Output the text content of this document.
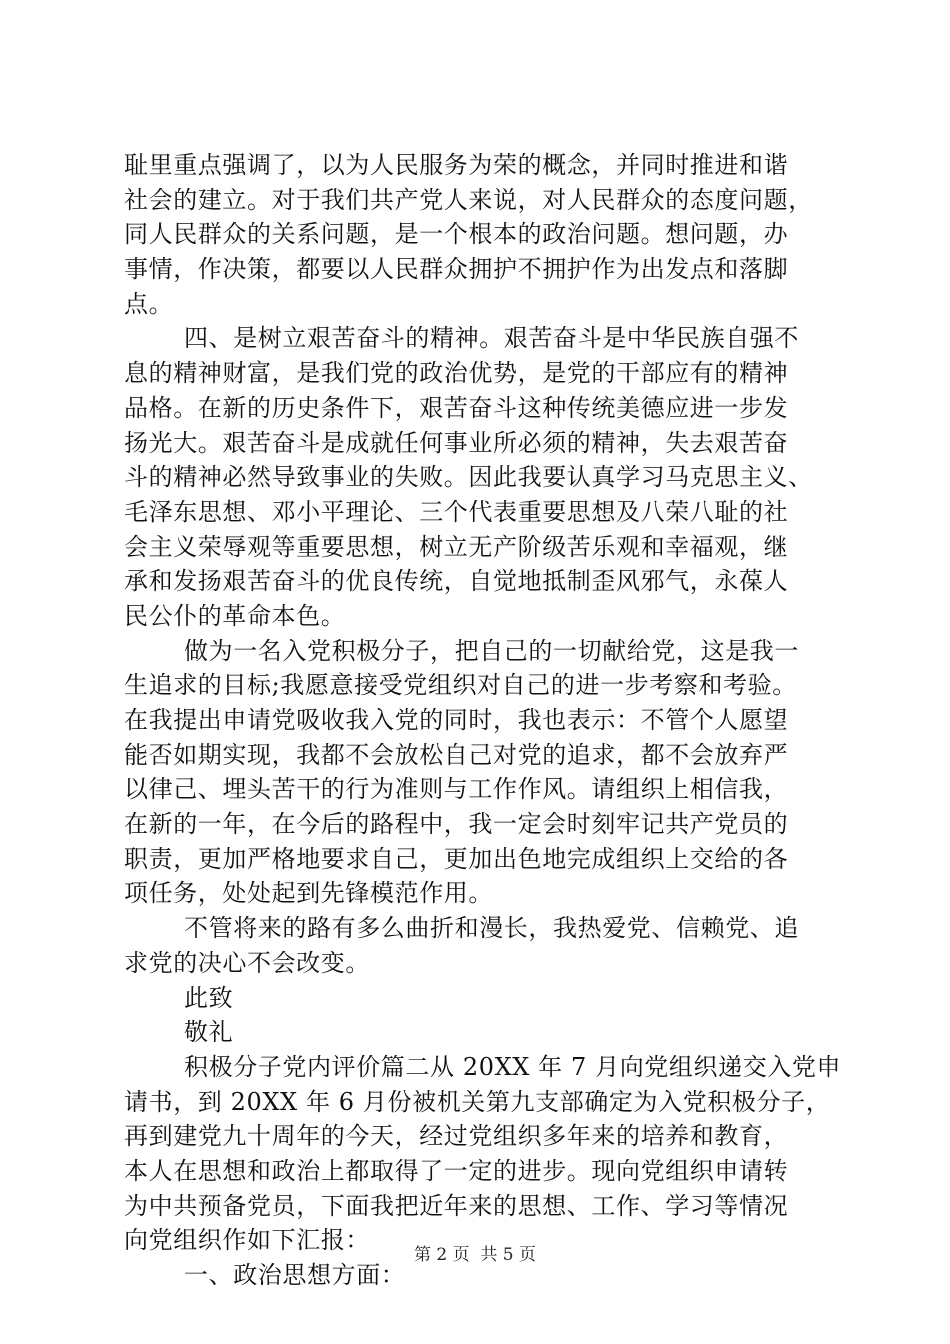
耻里重点强调了，以为人民服务为荣的概念，并同时推进和谐
社会的建立。对于我们共产党人来说，对人民群众的态度问题，
同人民群众的关系问题，是一个根本的政治问题。想问题，办
事情，作决策，都要以人民群众拥护不拥护作为出发点和落脚
点。
四、是树立艰苦奋斗的精神。艰苦奋斗是中华民族自强不
息的精神财富，是我们党的政治优势，是党的干部应有的精神
品格。在新的历史条件下，艰苦奋斗这种传统美德应进一步发
扬光大。艰苦奋斗是成就任何事业所必须的精神，失去艰苦奋
斗的精神必然导致事业的失败。因此我要认真学习马克思主义、
毛泽东思想、邓小平理论、三个代表重要思想及八荣八耻的社
会主义荣辱观等重要思想，树立无产阶级苦乐观和幸福观，继
承和发扬艰苦奋斗的优良传统，自觉地抵制歪风邪气，永葆人
民公仆的革命本色。
做为一名入党积极分子，把自己的一切献给党，这是我一
生追求的目标;我愿意接受党组织对自己的进一步考察和考验。
在我提出申请党吸收我入党的同时，我也表示：不管个人愿望
能否如期实现，我都不会放松自己对党的追求，都不会放弃严
以律己、埋头苦干的行为准则与工作作风。请组织上相信我，
在新的一年，在今后的路程中，我一定会时刻牢记共产党员的
职责，更加严格地要求自己，更加出色地完成组织上交给的各
项任务，处处起到先锋模范作用。
不管将来的路有多么曲折和漫长，我热爱党、信赖党、追
求党的决心不会改变。
此致
敬礼
积极分子党内评价篇二从 20XX 年 7 月向党组织递交入党申
请书，到 20XX 年 6 月份被机关第九支部确定为入党积极分子，
再到建党九十周年的今天，经过党组织多年来的培养和教育，
本人在思想和政治上都取得了一定的进步。现向党组织申请转
为中共预备党员，下面我把近年来的思想、工作、学习等情况
向党组织作如下汇报：
一、政治思想方面：
第 2 页  共 5 页
